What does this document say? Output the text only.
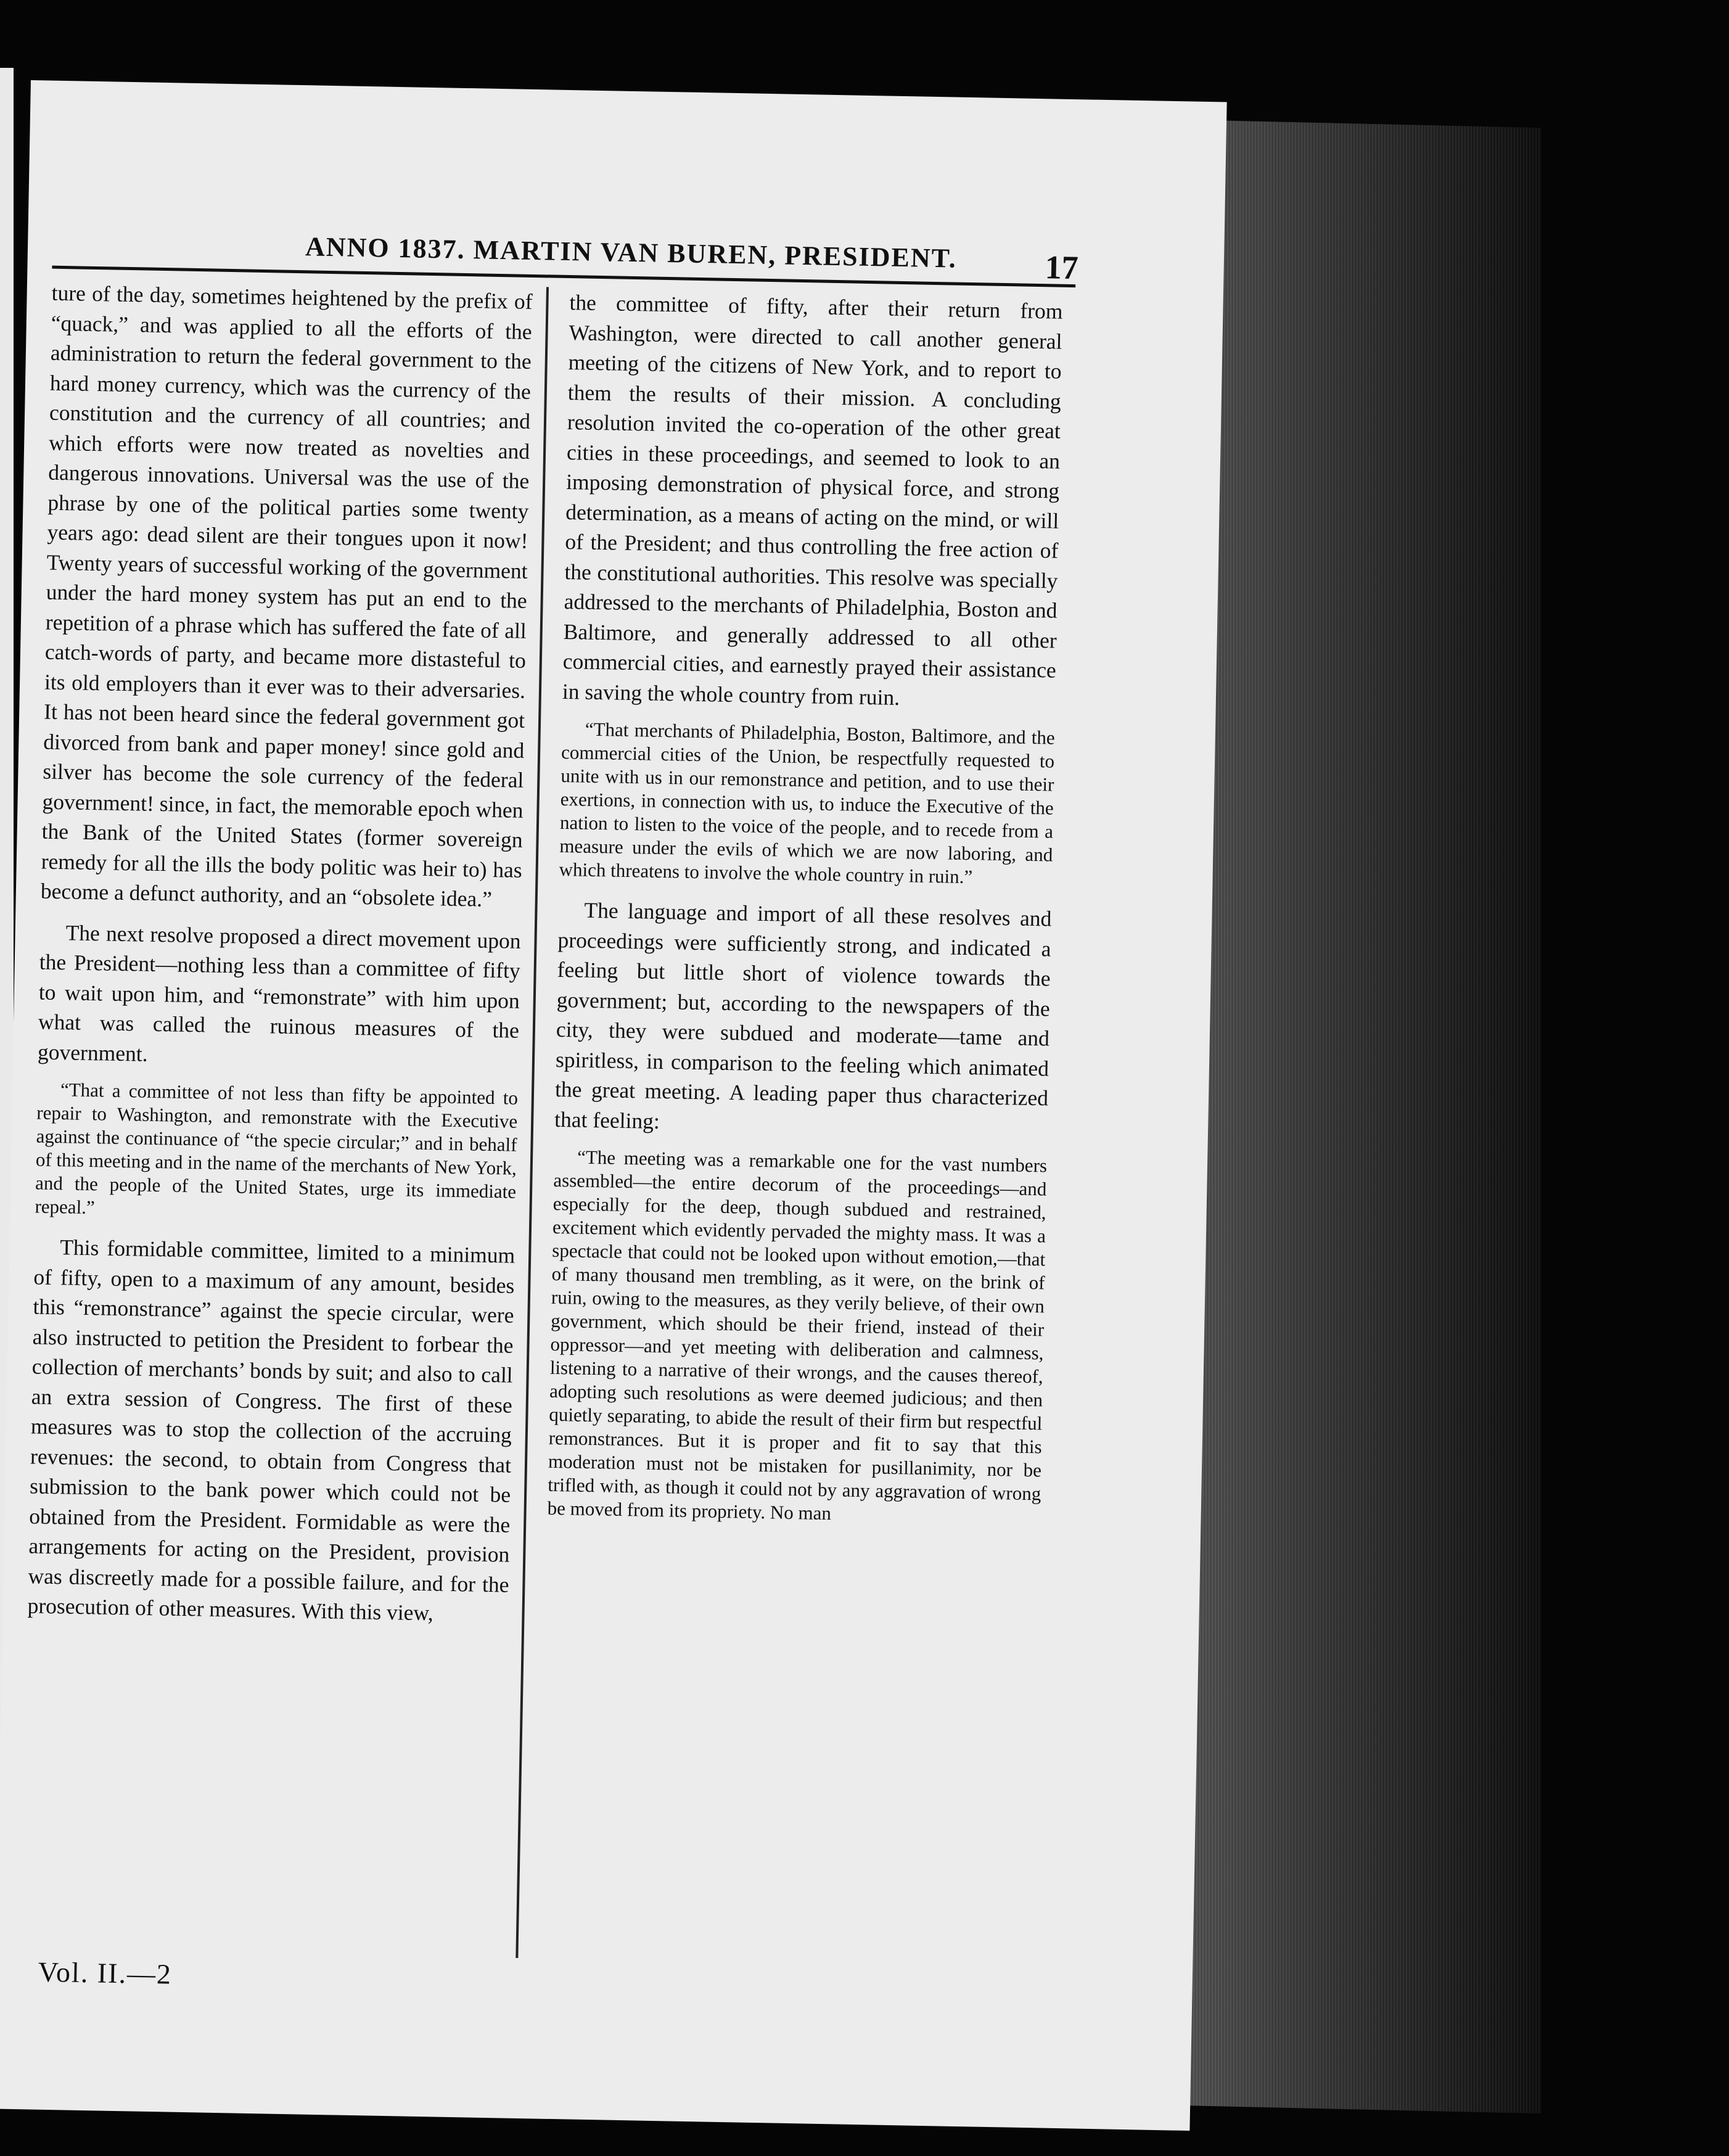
ANNO 1837. MARTIN VAN BUREN, PRESIDENT.	17

ture of the day, sometimes heightened by the prefix of “quack,” and was applied to all the efforts of the administration to return the federal government to the hard money currency, which was the currency of the constitution and the currency of all countries; and which efforts were now treated as novelties and dangerous innovations. Universal was the use of the phrase by one of the political parties some twenty years ago: dead silent are their tongues upon it now! Twenty years of successful working of the government under the hard money system has put an end to the repetition of a phrase which has suffered the fate of all catch-words of party, and became more distasteful to its old employers than it ever was to their adversaries. It has not been heard since the federal government got divorced from bank and paper money! since gold and silver has become the sole currency of the federal government! since, in fact, the memorable epoch when the Bank of the United States (former sovereign remedy for all the ills the body politic was heir to) has become a defunct authority, and an “obsolete idea.”

The next resolve proposed a direct movement upon the President—nothing less than a committee of fifty to wait upon him, and “remonstrate” with him upon what was called the ruinous measures of the government.

“That a committee of not less than fifty be appointed to repair to Washington, and remonstrate with the Executive against the continuance of “the specie circular;” and in behalf of this meeting and in the name of the merchants of New York, and the people of the United States, urge its immediate repeal.”

This formidable committee, limited to a minimum of fifty, open to a maximum of any amount, besides this “remonstrance” against the specie circular, were also instructed to petition the President to forbear the collection of merchants’ bonds by suit; and also to call an extra session of Congress. The first of these measures was to stop the collection of the accruing revenues: the second, to obtain from Congress that submission to the bank power which could not be obtained from the President. Formidable as were the arrangements for acting on the President, provision was discreetly made for a possible failure, and for the prosecution of other measures. With this view,

the committee of fifty, after their return from Washington, were directed to call another general meeting of the citizens of New York, and to report to them the results of their mission. A concluding resolution invited the co-operation of the other great cities in these proceedings, and seemed to look to an imposing demonstration of physical force, and strong determination, as a means of acting on the mind, or will of the President; and thus controlling the free action of the constitutional authorities. This resolve was specially addressed to the merchants of Philadelphia, Boston and Baltimore, and generally addressed to all other commercial cities, and earnestly prayed their assistance in saving the whole country from ruin.

“That merchants of Philadelphia, Boston, Baltimore, and the commercial cities of the Union, be respectfully requested to unite with us in our remonstrance and petition, and to use their exertions, in connection with us, to induce the Executive of the nation to listen to the voice of the people, and to recede from a measure under the evils of which we are now laboring, and which threatens to involve the whole country in ruin.”

The language and import of all these resolves and proceedings were sufficiently strong, and indicated a feeling but little short of violence towards the government; but, according to the newspapers of the city, they were subdued and moderate—tame and spiritless, in comparison to the feeling which animated the great meeting. A leading paper thus characterized that feeling:

“The meeting was a remarkable one for the vast numbers assembled—the entire decorum of the proceedings—and especially for the deep, though subdued and restrained, excitement which evidently pervaded the mighty mass. It was a spectacle that could not be looked upon without emotion,—that of many thousand men trembling, as it were, on the brink of ruin, owing to the measures, as they verily believe, of their own government, which should be their friend, instead of their oppressor—and yet meeting with deliberation and calmness, listening to a narrative of their wrongs, and the causes thereof, adopting such resolutions as were deemed judicious; and then quietly separating, to abide the result of their firm but respectful remonstrances. But it is proper and fit to say that this moderation must not be mistaken for pusillanimity, nor be trifled with, as though it could not by any aggravation of wrong be moved from its propriety. No man

Vol. II.—2
